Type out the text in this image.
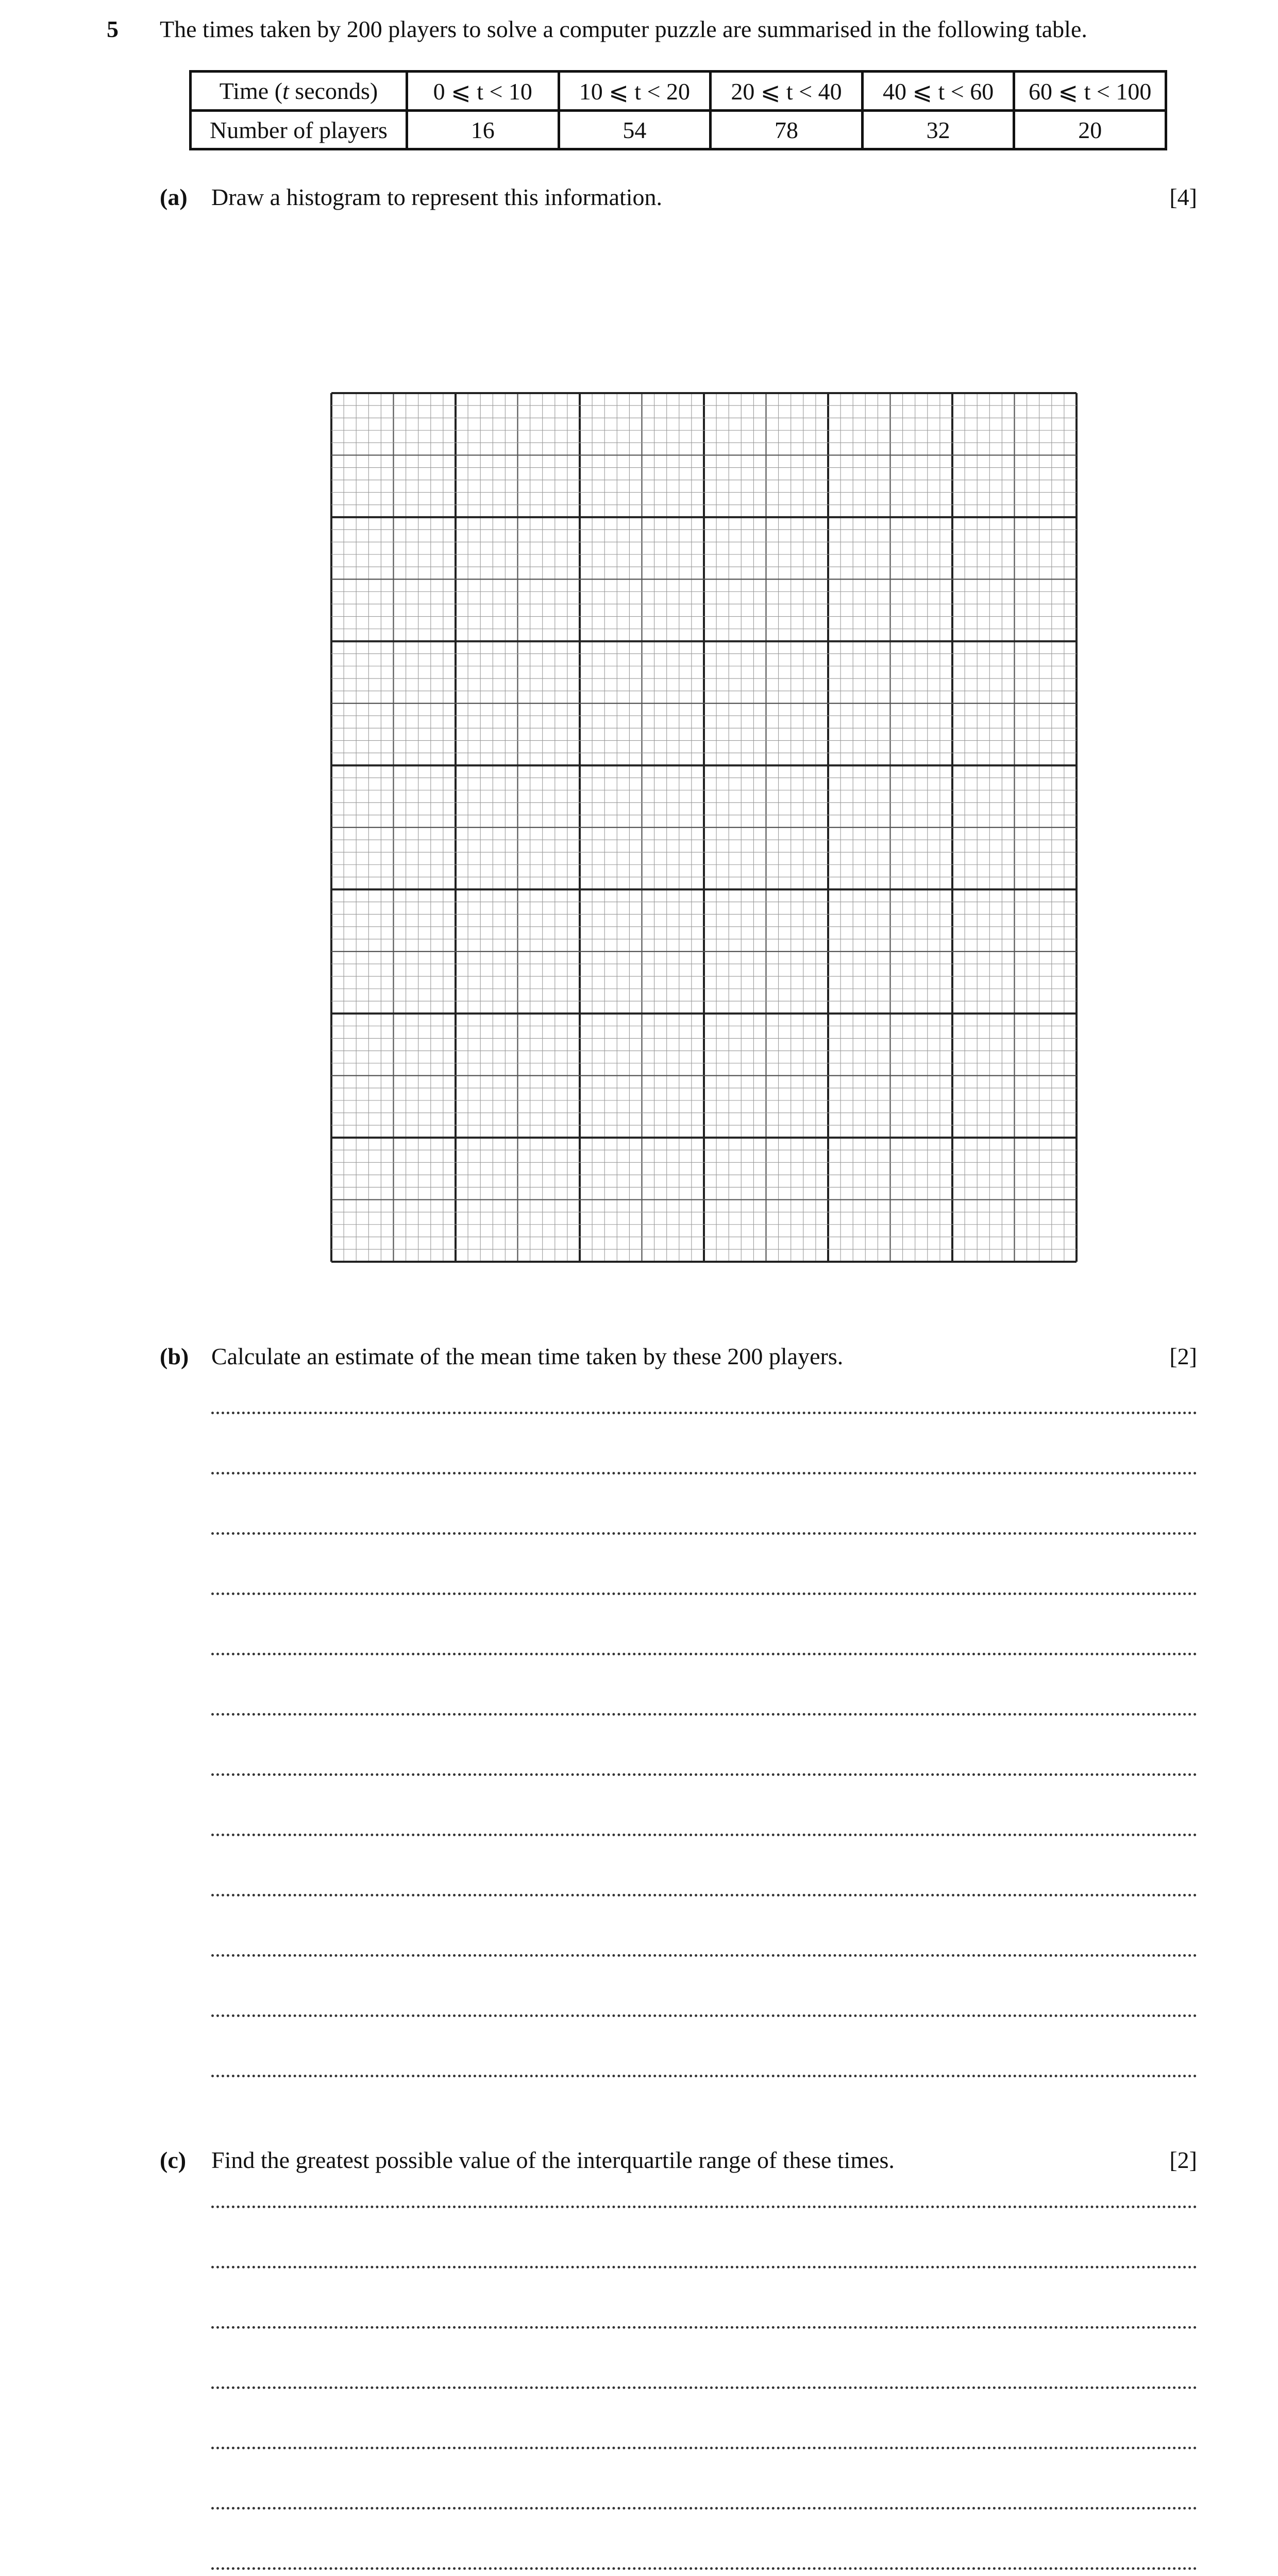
5 The times taken by 200 players to solve a computer puzzle are summarised in the following table.
Time (t seconds)	0 ⩽ t < 10	10 ⩽ t < 20	20 ⩽ t < 40	40 ⩽ t < 60	60 ⩽ t < 100
Number of players	16	54	78	32	20
(a) Draw a histogram to represent this information.	[4]
(b) Calculate an estimate of the mean time taken by these 200 players.	[2]
(c) Find the greatest possible value of the interquartile range of these times.	[2]
